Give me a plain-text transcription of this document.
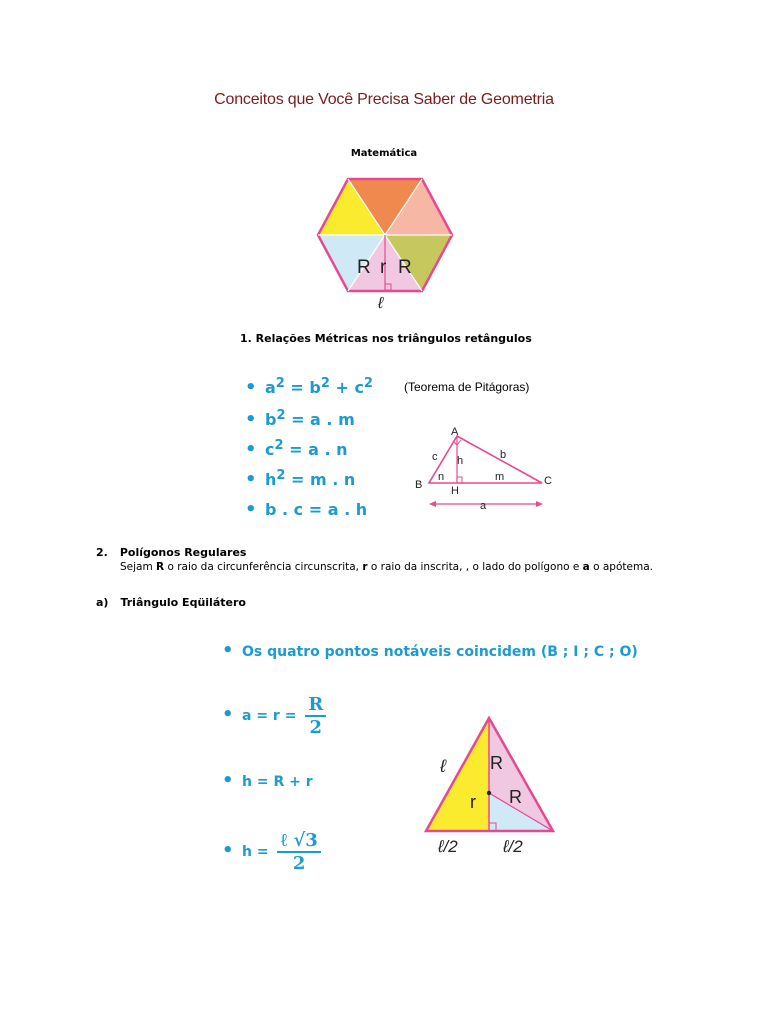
Conceitos que Você Precisa Saber de Geometria
Matemática
R r R
ℓ
1. Relações Métricas nos triângulos retângulos
• $a^2 = b^2 + c^2$	(Teorema de Pitágoras)
• $b^2 = a$ . m
• $c^2 = a$ . n
• $h^2 = m$ . n
• b . c = a . h
A
B	C
c	b
h
n	m
H
a
2. Polígonos Regulares
Sejam R o raio da circunferência circunscrita, r o raio da inscrita, , o lado do polígono e a o apótema.
a) Triângulo Eqüilátero
• Os quatro pontos notáveis coincidem (B ; I ; C ; O)
• $a = r = \frac{R}{2}$
• h = R + r
• $h = \frac{\text{ℓ √3}}{2}$
ℓ R
r R
ℓ/2	ℓ/2
